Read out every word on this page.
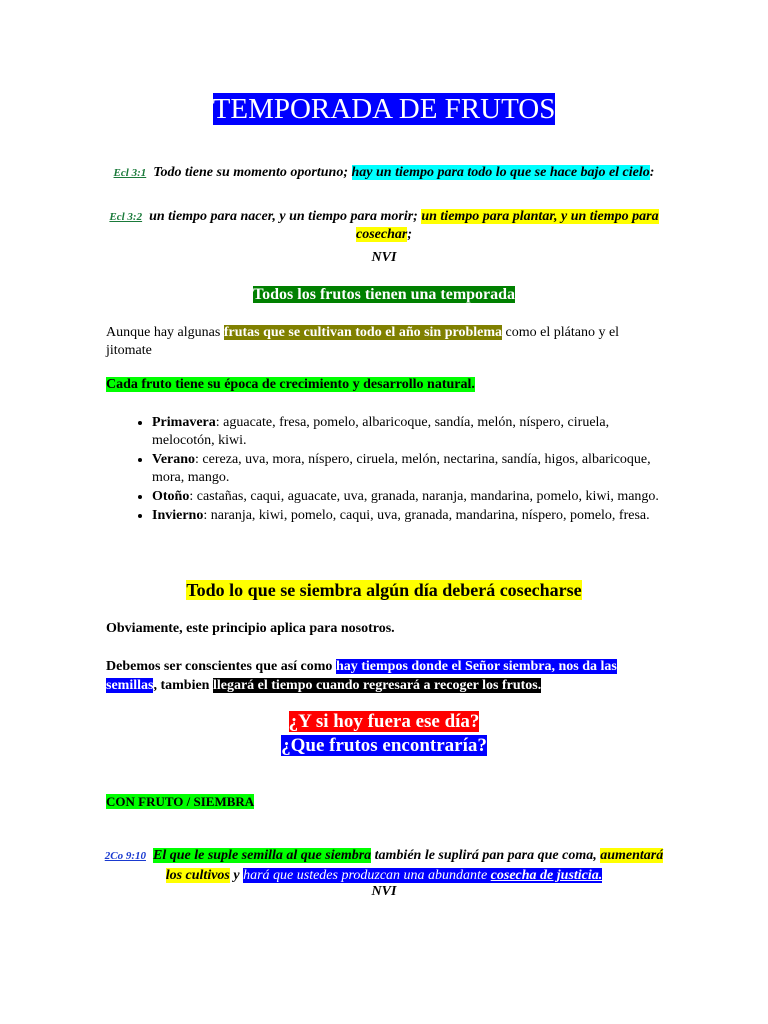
TEMPORADA DE FRUTOS
Ecl 3:1 Todo tiene su momento oportuno; hay un tiempo para todo lo que se hace bajo el cielo:
Ecl 3:2 un tiempo para nacer, y un tiempo para morir; un tiempo para plantar, y un tiempo para cosechar;
NVI
Todos los frutos tienen una temporada
Aunque hay algunas frutas que se cultivan todo el año sin problema como el plátano y el jitomate
Cada fruto tiene su época de crecimiento y desarrollo natural.
• Primavera: aguacate, fresa, pomelo, albaricoque, sandía, melón, níspero, ciruela, melocotón, kiwi.
• Verano: cereza, uva, mora, níspero, ciruela, melón, nectarina, sandía, higos, albaricoque, mora, mango.
• Otoño: castañas, caqui, aguacate, uva, granada, naranja, mandarina, pomelo, kiwi, mango.
• Invierno: naranja, kiwi, pomelo, caqui, uva, granada, mandarina, níspero, pomelo, fresa.
Todo lo que se siembra algún día deberá cosecharse
Obviamente, este principio aplica para nosotros.
Debemos ser conscientes que así como hay tiempos donde el Señor siembra, nos da las semillas, tambien llegará el tiempo cuando regresará a recoger los frutos.
¿Y si hoy fuera ese día?
¿Que frutos encontraría?
CON FRUTO / SIEMBRA
2Co 9:10 El que le suple semilla al que siembra también le suplirá pan para que coma, aumentará los cultivos y hará que ustedes produzcan una abundante cosecha de justicia.
NVI
